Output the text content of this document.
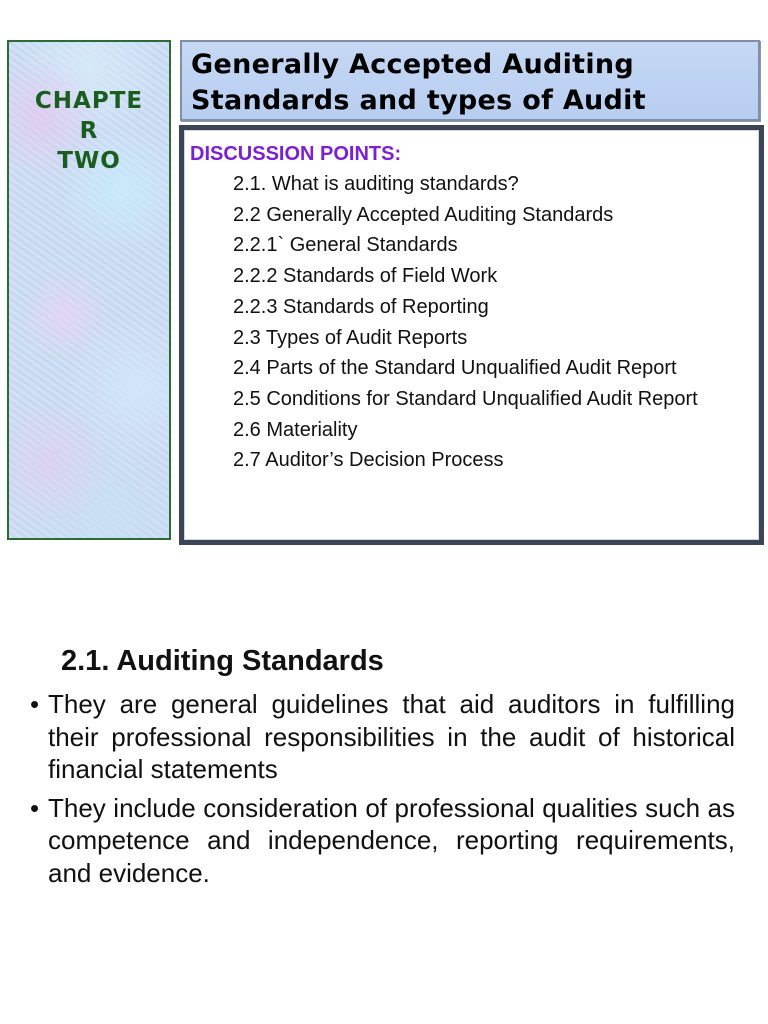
CHAPTE
R
TWO

Generally Accepted Auditing Standards and types of Audit

DISCUSSION POINTS:
2.1. What is auditing standards?
2.2 Generally Accepted Auditing Standards
2.2.1` General Standards
2.2.2 Standards of Field Work
2.2.3 Standards of Reporting
2.3 Types of Audit Reports
2.4 Parts of the Standard Unqualified Audit Report
2.5 Conditions for Standard Unqualified Audit Report
2.6 Materiality
2.7 Auditor’s Decision Process
2.1. Auditing Standards
• They are general guidelines that aid auditors in fulfilling their professional responsibilities in the audit of historical financial statements
• They include consideration of professional qualities such as competence and independence, reporting requirements, and evidence.
